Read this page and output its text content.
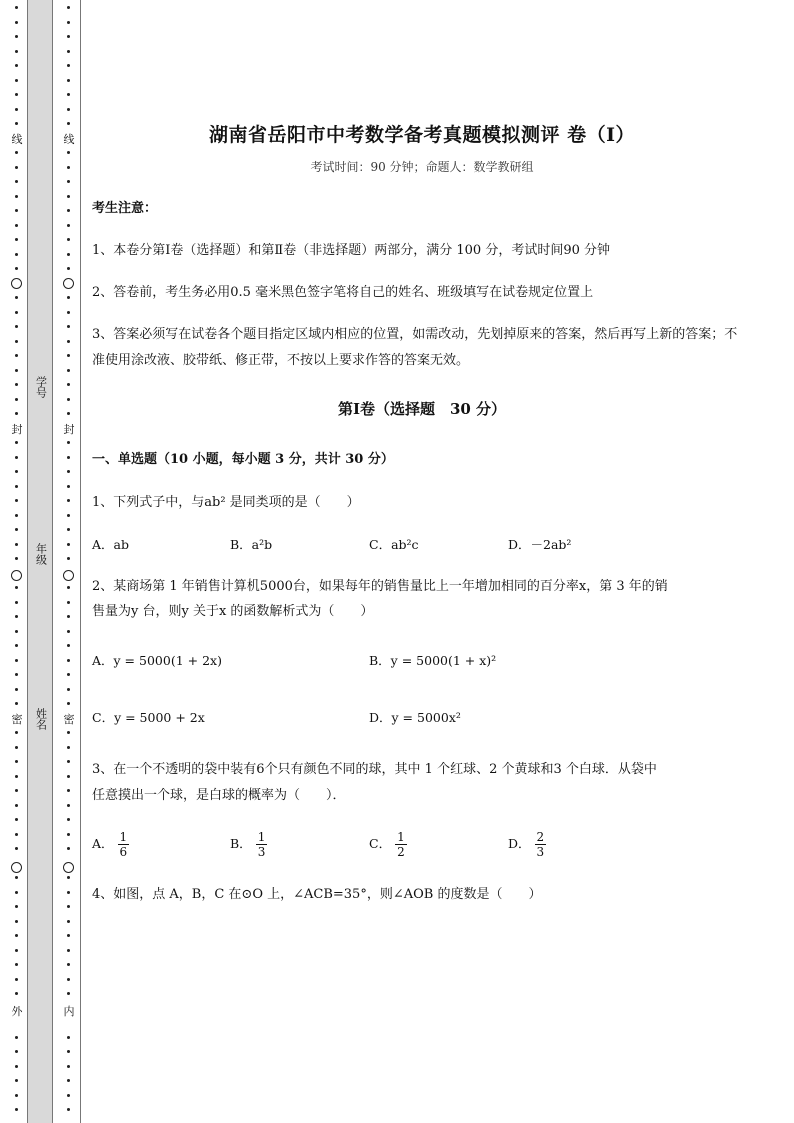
线
封
密
外
学号
年级
姓名
线
封
密
内
湖南省岳阳市中考数学备考真题模拟测评 卷（Ⅰ）
考试时间：90 分钟；命题人：数学教研组
考生注意：
1、本卷分第Ⅰ卷（选择题）和第Ⅱ卷（非选择题）两部分，满分 100 分，考试时间90 分钟
2、答卷前，考生务必用0.5 毫米黑色签字笔将自己的姓名、班级填写在试卷规定位置上
3、答案必须写在试卷各个题目指定区域内相应的位置，如需改动，先划掉原来的答案，然后再写上新的答案；不准使用涂改液、胶带纸、修正带，不按以上要求作答的答案无效。
第Ⅰ卷（选择题　30 分）
一、单选题（10 小题，每小题 3 分，共计 30 分）
1、下列式子中，与ab² 是同类项的是（　　）
A．ab	B．a²b	C．ab²c	D．－2ab²
2、某商场第 1 年销售计算机5000台，如果每年的销售量比上一年增加相同的百分率x，第 3 年的销
售量为y 台，则y 关于x 的函数解析式为（　　）
A．y = 5000(1 + 2x)	B．y = 5000(1 + x)²
C．y = 5000 + 2x	D．y = 5000x²
3、在一个不透明的袋中装有6个只有颜色不同的球，其中 1 个红球、2 个黄球和3 个白球．从袋中
任意摸出一个球，是白球的概率为（　　）．
A． $\frac{1}{6}$	B． $\frac{1}{3}$	C． $\frac{1}{2}$	D． $\frac{2}{3}$
4、如图，点 A，B，C 在⊙O 上，∠ACB=35°，则∠AOB 的度数是（　　）
